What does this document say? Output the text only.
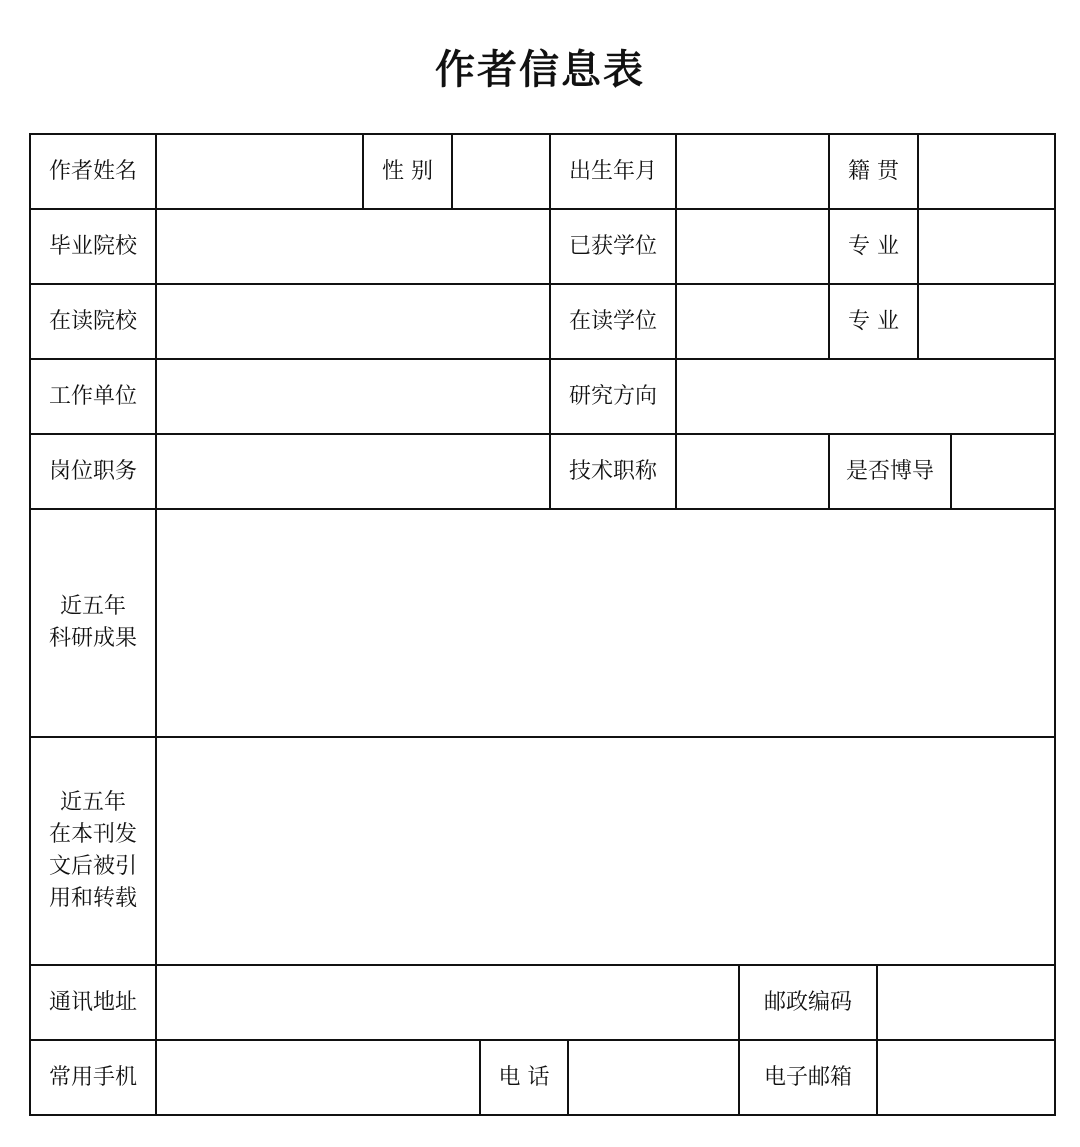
作者信息表
作者姓名	性 别	出生年月	籍 贯
毕业院校	已获学位	专 业
在读院校	在读学位	专 业
工作单位	研究方向
岗位职务	技术职称	是否博导
近五年
科研成果
近五年
在本刊发
文后被引
用和转载
通讯地址	邮政编码
常用手机	电 话	电子邮箱
